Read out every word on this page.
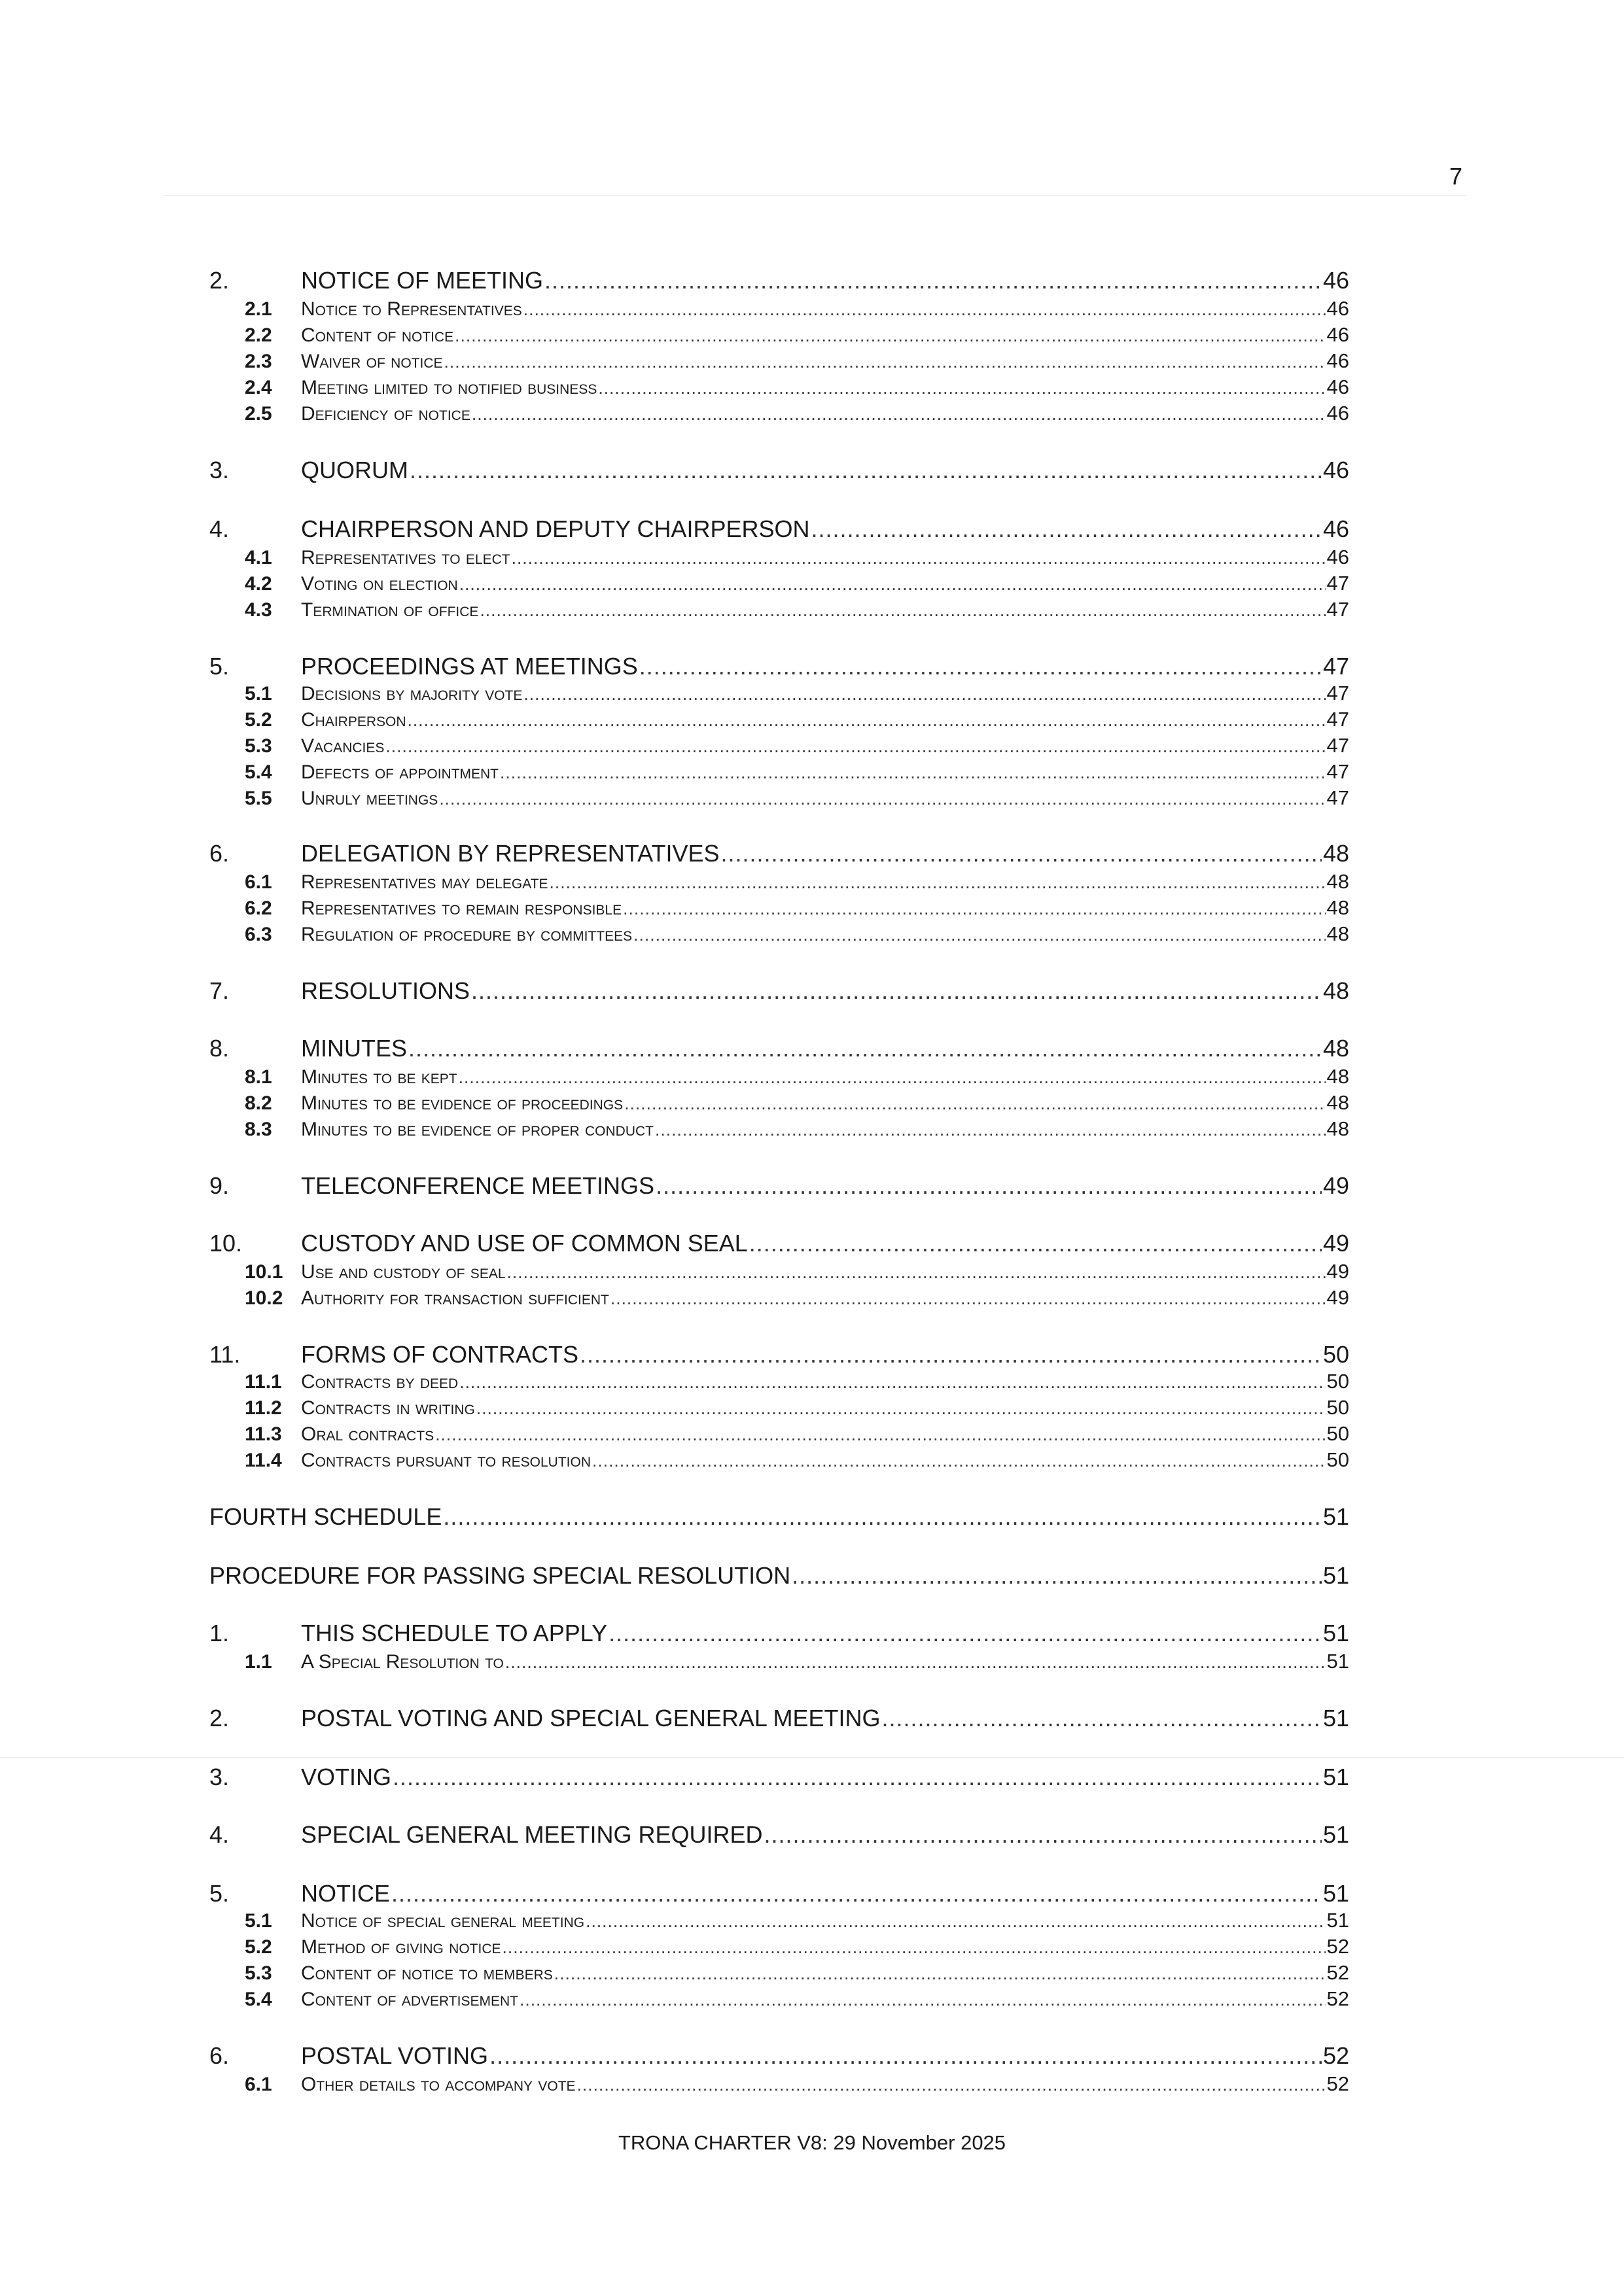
7
2.	NOTICE OF MEETING .....	46
2.1	Notice to Representatives .....	46
2.2	Content of notice .....	46
2.3	Waiver of notice .....	46
2.4	Meeting limited to notified business .....	46
2.5	Deficiency of notice .....	46
3.	QUORUM .....	46
4.	CHAIRPERSON AND DEPUTY CHAIRPERSON .....	46
4.1	Representatives to elect .....	46
4.2	Voting on election .....	47
4.3	Termination of office .....	47
5.	PROCEEDINGS AT MEETINGS .....	47
5.1	Decisions by majority vote .....	47
5.2	Chairperson .....	47
5.3	Vacancies .....	47
5.4	Defects of appointment .....	47
5.5	Unruly meetings .....	47
6.	DELEGATION BY REPRESENTATIVES .....	48
6.1	Representatives may delegate .....	48
6.2	Representatives to remain responsible .....	48
6.3	Regulation of procedure by committees .....	48
7.	RESOLUTIONS .....	48
8.	MINUTES .....	48
8.1	Minutes to be kept .....	48
8.2	Minutes to be evidence of proceedings .....	48
8.3	Minutes to be evidence of proper conduct .....	48
9.	TELECONFERENCE MEETINGS .....	49
10.	CUSTODY AND USE OF COMMON SEAL .....	49
10.1 Use and custody of seal .....	49
10.2 Authority for transaction sufficient .....	49
11.	FORMS OF CONTRACTS .....	50
11.1 Contracts by deed .....	50
11.2 Contracts in writing .....	50
11.3 Oral contracts .....	50
11.4 Contracts pursuant to resolution .....	50
FOURTH SCHEDULE .....	51
PROCEDURE FOR PASSING SPECIAL RESOLUTION .....	51
1.	THIS SCHEDULE TO APPLY .....	51
1.1	A Special Resolution to .....	51
2.	POSTAL VOTING AND SPECIAL GENERAL MEETING .....	51
3.	VOTING .....	51
4.	SPECIAL GENERAL MEETING REQUIRED .....	51
5.	NOTICE .....	51
5.1	Notice of special general meeting .....	51
5.2	Method of giving notice .....	52
5.3	Content of notice to members .....	52
5.4	Content of advertisement .....	52
6.	POSTAL VOTING .....	52
6.1	Other details to accompany vote .....	52
TRONA CHARTER V8: 29 November 2025
